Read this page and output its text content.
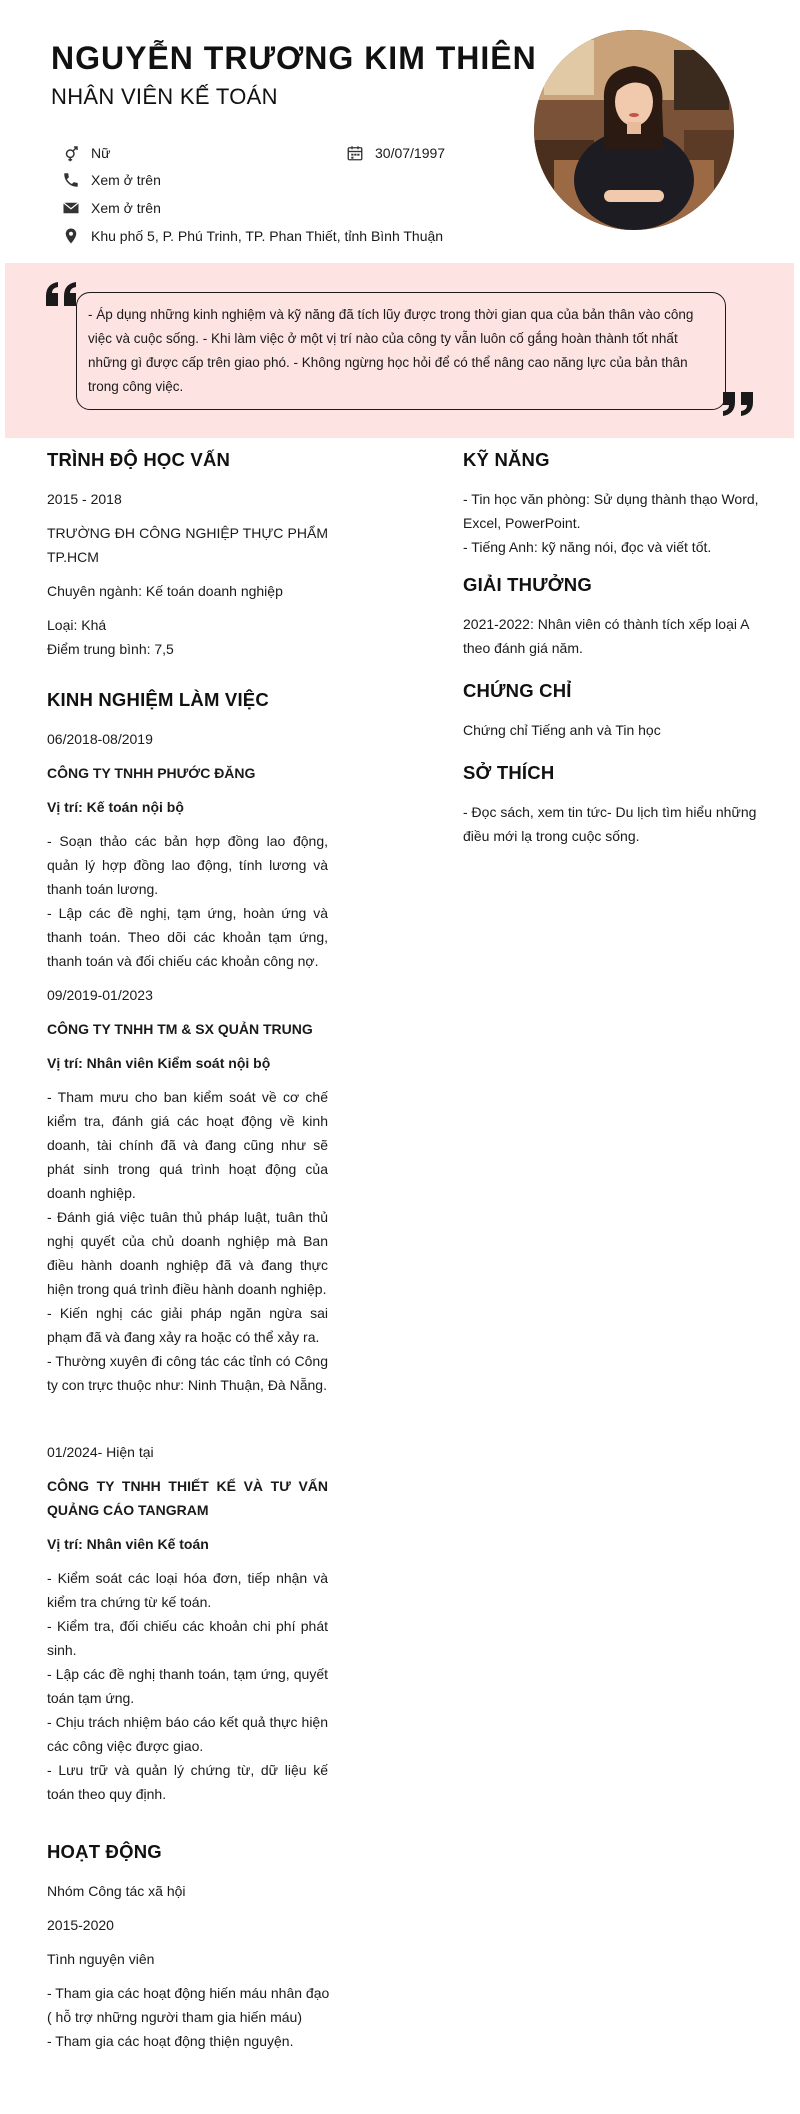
NGUYỄN TRƯƠNG KIM THIÊN
NHÂN VIÊN KẾ TOÁN
Nữ	30/07/1997
Xem ở trên
Xem ở trên
Khu phố 5, P. Phú Trinh, TP. Phan Thiết, tỉnh Bình Thuận
- Áp dụng những kinh nghiệm và kỹ năng đã tích lũy được trong thời gian qua của bản thân vào công việc và cuộc sống. - Khi làm việc ở một vị trí nào của công ty vẫn luôn cố gắng hoàn thành tốt nhất những gì được cấp trên giao phó. - Không ngừng học hỏi để có thể nâng cao năng lực của bản thân trong công việc.
TRÌNH ĐỘ HỌC VẤN
2015 - 2018
TRƯỜNG ĐH CÔNG NGHIỆP THỰC PHẨM TP.HCM
Chuyên ngành: Kế toán doanh nghiệp
Loại: Khá
Điểm trung bình: 7,5
KINH NGHIỆM LÀM VIỆC
06/2018-08/2019
CÔNG TY TNHH PHƯỚC ĐĂNG
Vị trí: Kế toán nội bộ
- Soạn thảo các bản hợp đồng lao động, quản lý hợp đồng lao động, tính lương và thanh toán lương.
- Lập các đề nghị, tạm ứng, hoàn ứng và thanh toán. Theo dõi các khoản tạm ứng, thanh toán và đối chiếu các khoản công nợ.
09/2019-01/2023
CÔNG TY TNHH TM & SX QUẢN TRUNG
Vị trí: Nhân viên Kiểm soát nội bộ
- Tham mưu cho ban kiểm soát về cơ chế kiểm tra, đánh giá các hoạt động về kinh doanh, tài chính đã và đang cũng như sẽ phát sinh trong quá trình hoạt động của doanh nghiệp.
- Đánh giá việc tuân thủ pháp luật, tuân thủ nghị quyết của chủ doanh nghiệp mà Ban điều hành doanh nghiệp đã và đang thực hiện trong quá trình điều hành doanh nghiệp.
- Kiến nghị các giải pháp ngăn ngừa sai phạm đã và đang xảy ra hoặc có thể xảy ra.
- Thường xuyên đi công tác các tỉnh có Công ty con trực thuộc như: Ninh Thuận, Đà Nẵng.
01/2024- Hiện tại
CÔNG TY TNHH THIẾT KẾ VÀ TƯ VẤN QUẢNG CÁO TANGRAM
Vị trí: Nhân viên Kế toán
- Kiểm soát các loại hóa đơn, tiếp nhận và kiểm tra chứng từ kế toán.
- Kiểm tra, đối chiếu các khoản chi phí phát sinh.
- Lập các đề nghị thanh toán, tạm ứng, quyết toán tạm ứng.
- Chịu trách nhiệm báo cáo kết quả thực hiện các công việc được giao.
- Lưu trữ và quản lý chứng từ, dữ liệu kế toán theo quy định.
HOẠT ĐỘNG
Nhóm Công tác xã hội
2015-2020
Tình nguyện viên
- Tham gia các hoạt động hiến máu nhân đạo ( hỗ trợ những người tham gia hiến máu)
- Tham gia các hoạt động thiện nguyện.
KỸ NĂNG
- Tin học văn phòng: Sử dụng thành thạo Word, Excel, PowerPoint.
- Tiếng Anh: kỹ năng nói, đọc và viết tốt.
GIẢI THƯỞNG
2021-2022: Nhân viên có thành tích xếp loại A theo đánh giá năm.
CHỨNG CHỈ
Chứng chỉ Tiếng anh và Tin học
SỞ THÍCH
- Đọc sách, xem tin tức- Du lịch tìm hiểu những điều mới lạ trong cuộc sống.
